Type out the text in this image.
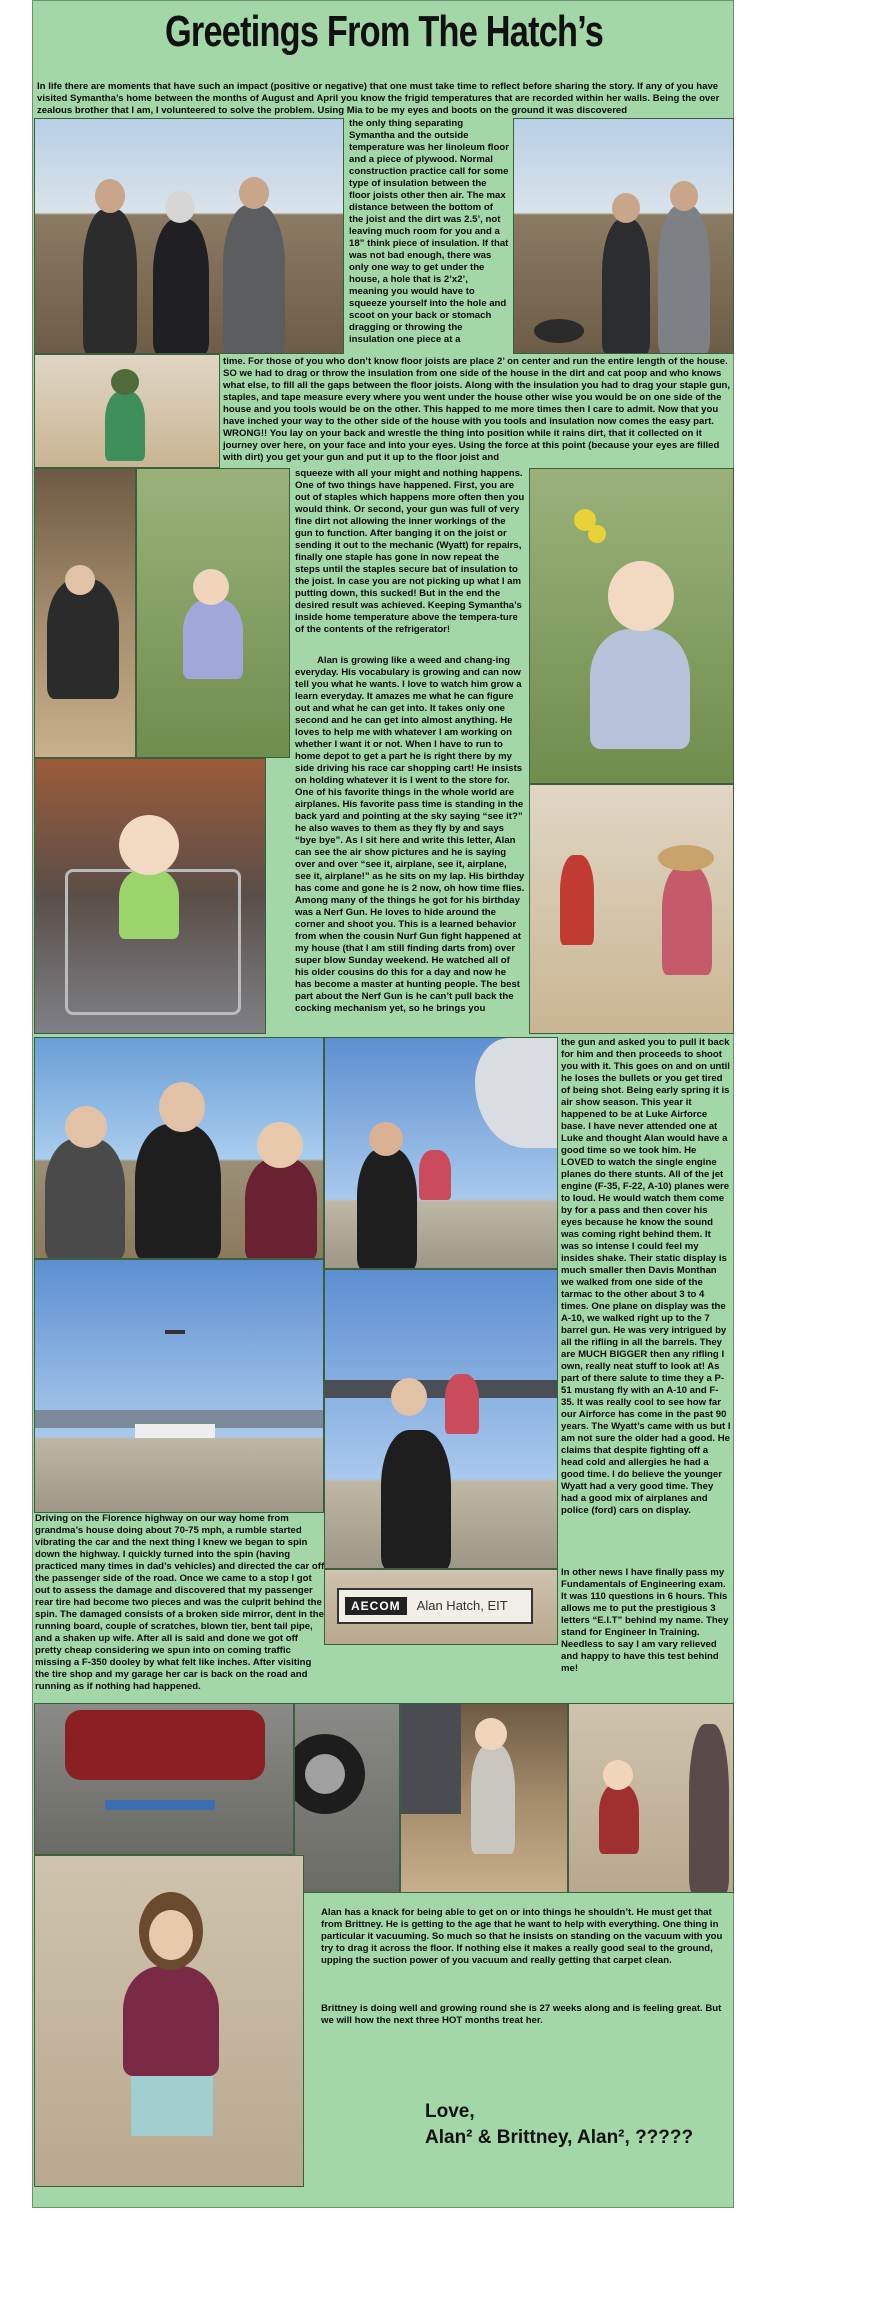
Greetings From The Hatch’s

In life there are moments that have such an impact (positive or negative) that one must take time to reflect before sharing the story. If any of you have visited Symantha’s home between the months of August and April you know the frigid temperatures that are recorded within her walls. Being the over zealous brother that I am, I volunteered to solve the problem. Using Mia to be my eyes and boots on the ground it was discovered

the only thing separating Symantha and the outside temperature was her linoleum floor and a piece of plywood. Normal construction practice call for some type of insulation between the floor joists other then air. The max distance between the bottom of the joist and the dirt was 2.5’, not leaving much room for you and a 18” think piece of insulation. If that was not bad enough, there was only one way to get under the house, a hole that is 2’x2’, meaning you would have to squeeze yourself into the hole and scoot on your back or stomach dragging or throwing the insulation one piece at a

time. For those of you who don’t know floor joists are place 2’ on center and run the entire length of the house. SO we had to drag or throw the insulation from one side of the house in the dirt and cat poop and who knows what else, to fill all the gaps between the floor joists. Along with the insulation you had to drag your staple gun, staples, and tape measure every where you went under the house other wise you would be on one side of the house and you tools would be on the other. This happed to me more times then I care to admit. Now that you have inched your way to the other side of the house with you tools and insulation now comes the easy part. WRONG!! You lay on your back and wrestle the thing into position while it rains dirt, that it collected on it journey over here, on your face and into your eyes. Using the force at this point (because your eyes are filled with dirt) you get your gun and put it up to the floor joist and

squeeze with all your might and nothing happens. One of two things have happened. First, you are out of staples which happens more often then you would think. Or second, your gun was full of very fine dirt not allowing the inner workings of the gun to function. After banging it on the joist or sending it out to the mechanic (Wyatt) for repairs, finally one staple has gone in now repeat the steps until the staples secure bat of insulation to the joist. In case you are not picking up what I am putting down, this sucked! But in the end the desired result was achieved. Keeping Symantha’s inside home temperature above the tempera-ture of the contents of the refrigerator!

Alan is growing like a weed and chang-ing everyday. His vocabulary is growing and can now tell you what he wants. I love to watch him grow a learn everyday. It amazes me what he can figure out and what he can get into. It takes only one second and he can get into almost anything. He loves to help me with whatever I am working on whether I want it or not. When I have to run to home depot to get a part he is right there by my side driving his race car shopping cart! He insists on holding whatever it is I went to the store for. One of his favorite things in the whole world are airplanes. His favorite pass time is standing in the back yard and pointing at the sky saying “see it?” he also waves to them as they fly by and says “bye bye”. As I sit here and write this letter, Alan can see the air show pictures and he is saying over and over “see it, airplane, see it, airplane, see it, airplane!” as he sits on my lap. His birthday has come and gone he is 2 now, oh how time flies. Among many of the things he got for his birthday was a Nerf Gun. He loves to hide around the corner and shoot you. This is a learned behavior from when the cousin Nurf Gun fight happened at my house (that I am still finding darts from) over super blow Sunday weekend. He watched all of his older cousins do this for a day and now he has become a master at hunting people. The best part about the Nerf Gun is he can’t pull back the cocking mechanism yet, so he brings you

the gun and asked you to pull it back for him and then proceeds to shoot you with it. This goes on and on until he loses the bullets or you get tired of being shot. Being early spring it is air show season. This year it happened to be at Luke Airforce base. I have never attended one at Luke and thought Alan would have a good time so we took him. He LOVED to watch the single engine planes do there stunts. All of the jet engine (F-35, F-22, A-10) planes were to loud. He would watch them come by for a pass and then cover his eyes because he know the sound was coming right behind them. It was so intense I could feel my insides shake. Their static display is much smaller then Davis Monthan we walked from one side of the tarmac to the other about 3 to 4 times. One plane on display was the A-10, we walked right up to the 7 barrel gun. He was very intrigued by all the rifling in all the barrels. They are MUCH BIGGER then any rifling I own, really neat stuff to look at! As part of there salute to time they a P-51 mustang fly with an A-10 and F-35. It was really cool to see how far our Airforce has come in the past 90 years. The Wyatt’s came with us but I am not sure the older had a good. He claims that despite fighting off a head cold and allergies he had a good time. I do believe the younger Wyatt had a very good time. They had a good mix of airplanes and police (ford) cars on display.

Driving on the Florence highway on our way home from grandma’s house doing about 70-75 mph, a rumble started vibrating the car and the next thing I knew we began to spin down the highway. I quickly turned into the spin (having practiced many times in dad’s vehicles) and directed the car off the passenger side of the road. Once we came to a stop I got out to assess the damage and discovered that my passenger rear tire had become two pieces and was the culprit behind the spin. The damaged consists of a broken side mirror, dent in the running board, couple of scratches, blown tier, bent tail pipe, and a shaken up wife. After all is said and done we got off pretty cheap considering we spun into on coming traffic missing a F-350 dooley by what felt like inches. After visiting the tire shop and my garage her car is back on the road and running as if nothing had happened.

AECOM Alan Hatch, EIT

In other news I have finally pass my Fundamentals of Engineering exam. It was 110 questions in 6 hours. This allows me to put the prestigious 3 letters “E.I.T” behind my name. They stand for Engineer In Training. Needless to say I am vary relieved and happy to have this test behind me!

Alan has a knack for being able to get on or into things he shouldn’t. He must get that from Brittney. He is getting to the age that he want to help with everything. One thing in particular it vacuuming. So much so that he insists on standing on the vacuum with you try to drag it across the floor. If nothing else it makes a really good seal to the ground, upping the suction power of you vacuum and really getting that carpet clean.

Brittney is doing well and growing round she is 27 weeks along and is feeling great. But we will how the next three HOT months treat her.

Love,
Alan² & Brittney, Alan², ?????
